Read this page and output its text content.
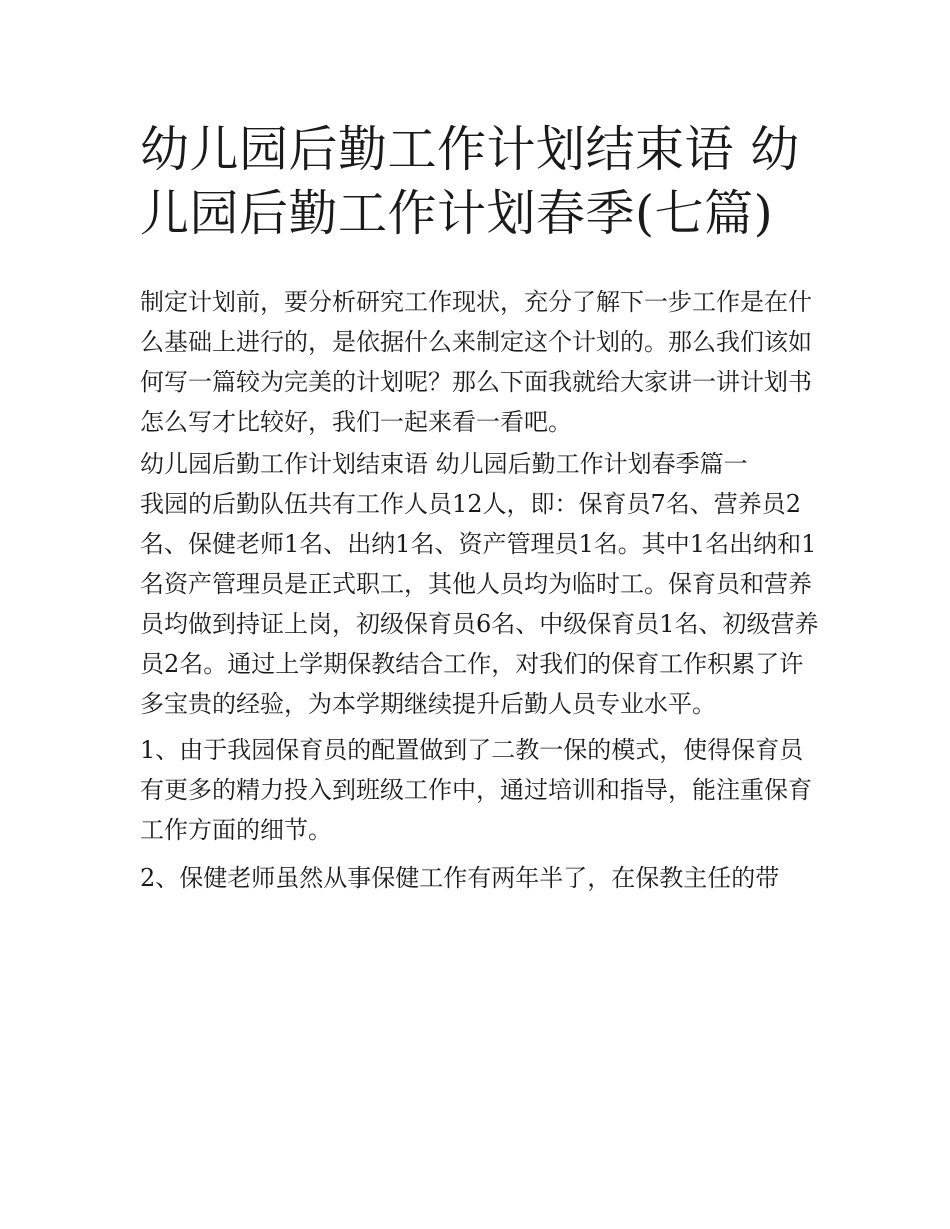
幼儿园后勤工作计划结束语 幼儿园后勤工作计划春季(七篇)

制定计划前，要分析研究工作现状，充分了解下一步工作是在什么基础上进行的，是依据什么来制定这个计划的。那么我们该如何写一篇较为完美的计划呢？那么下面我就给大家讲一讲计划书怎么写才比较好，我们一起来看一看吧。

幼儿园后勤工作计划结束语 幼儿园后勤工作计划春季篇一

我园的后勤队伍共有工作人员12人，即：保育员7名、营养员2名、保健老师1名、出纳1名、资产管理员1名。其中1名出纳和1名资产管理员是正式职工，其他人员均为临时工。保育员和营养员均做到持证上岗，初级保育员6名、中级保育员1名、初级营养员2名。通过上学期保教结合工作，对我们的保育工作积累了许多宝贵的经验，为本学期继续提升后勤人员专业水平。

1、由于我园保育员的配置做到了二教一保的模式，使得保育员有更多的精力投入到班级工作中，通过培训和指导，能注重保育工作方面的细节。

2、保健老师虽然从事保健工作有两年半了，在保教主任的带
